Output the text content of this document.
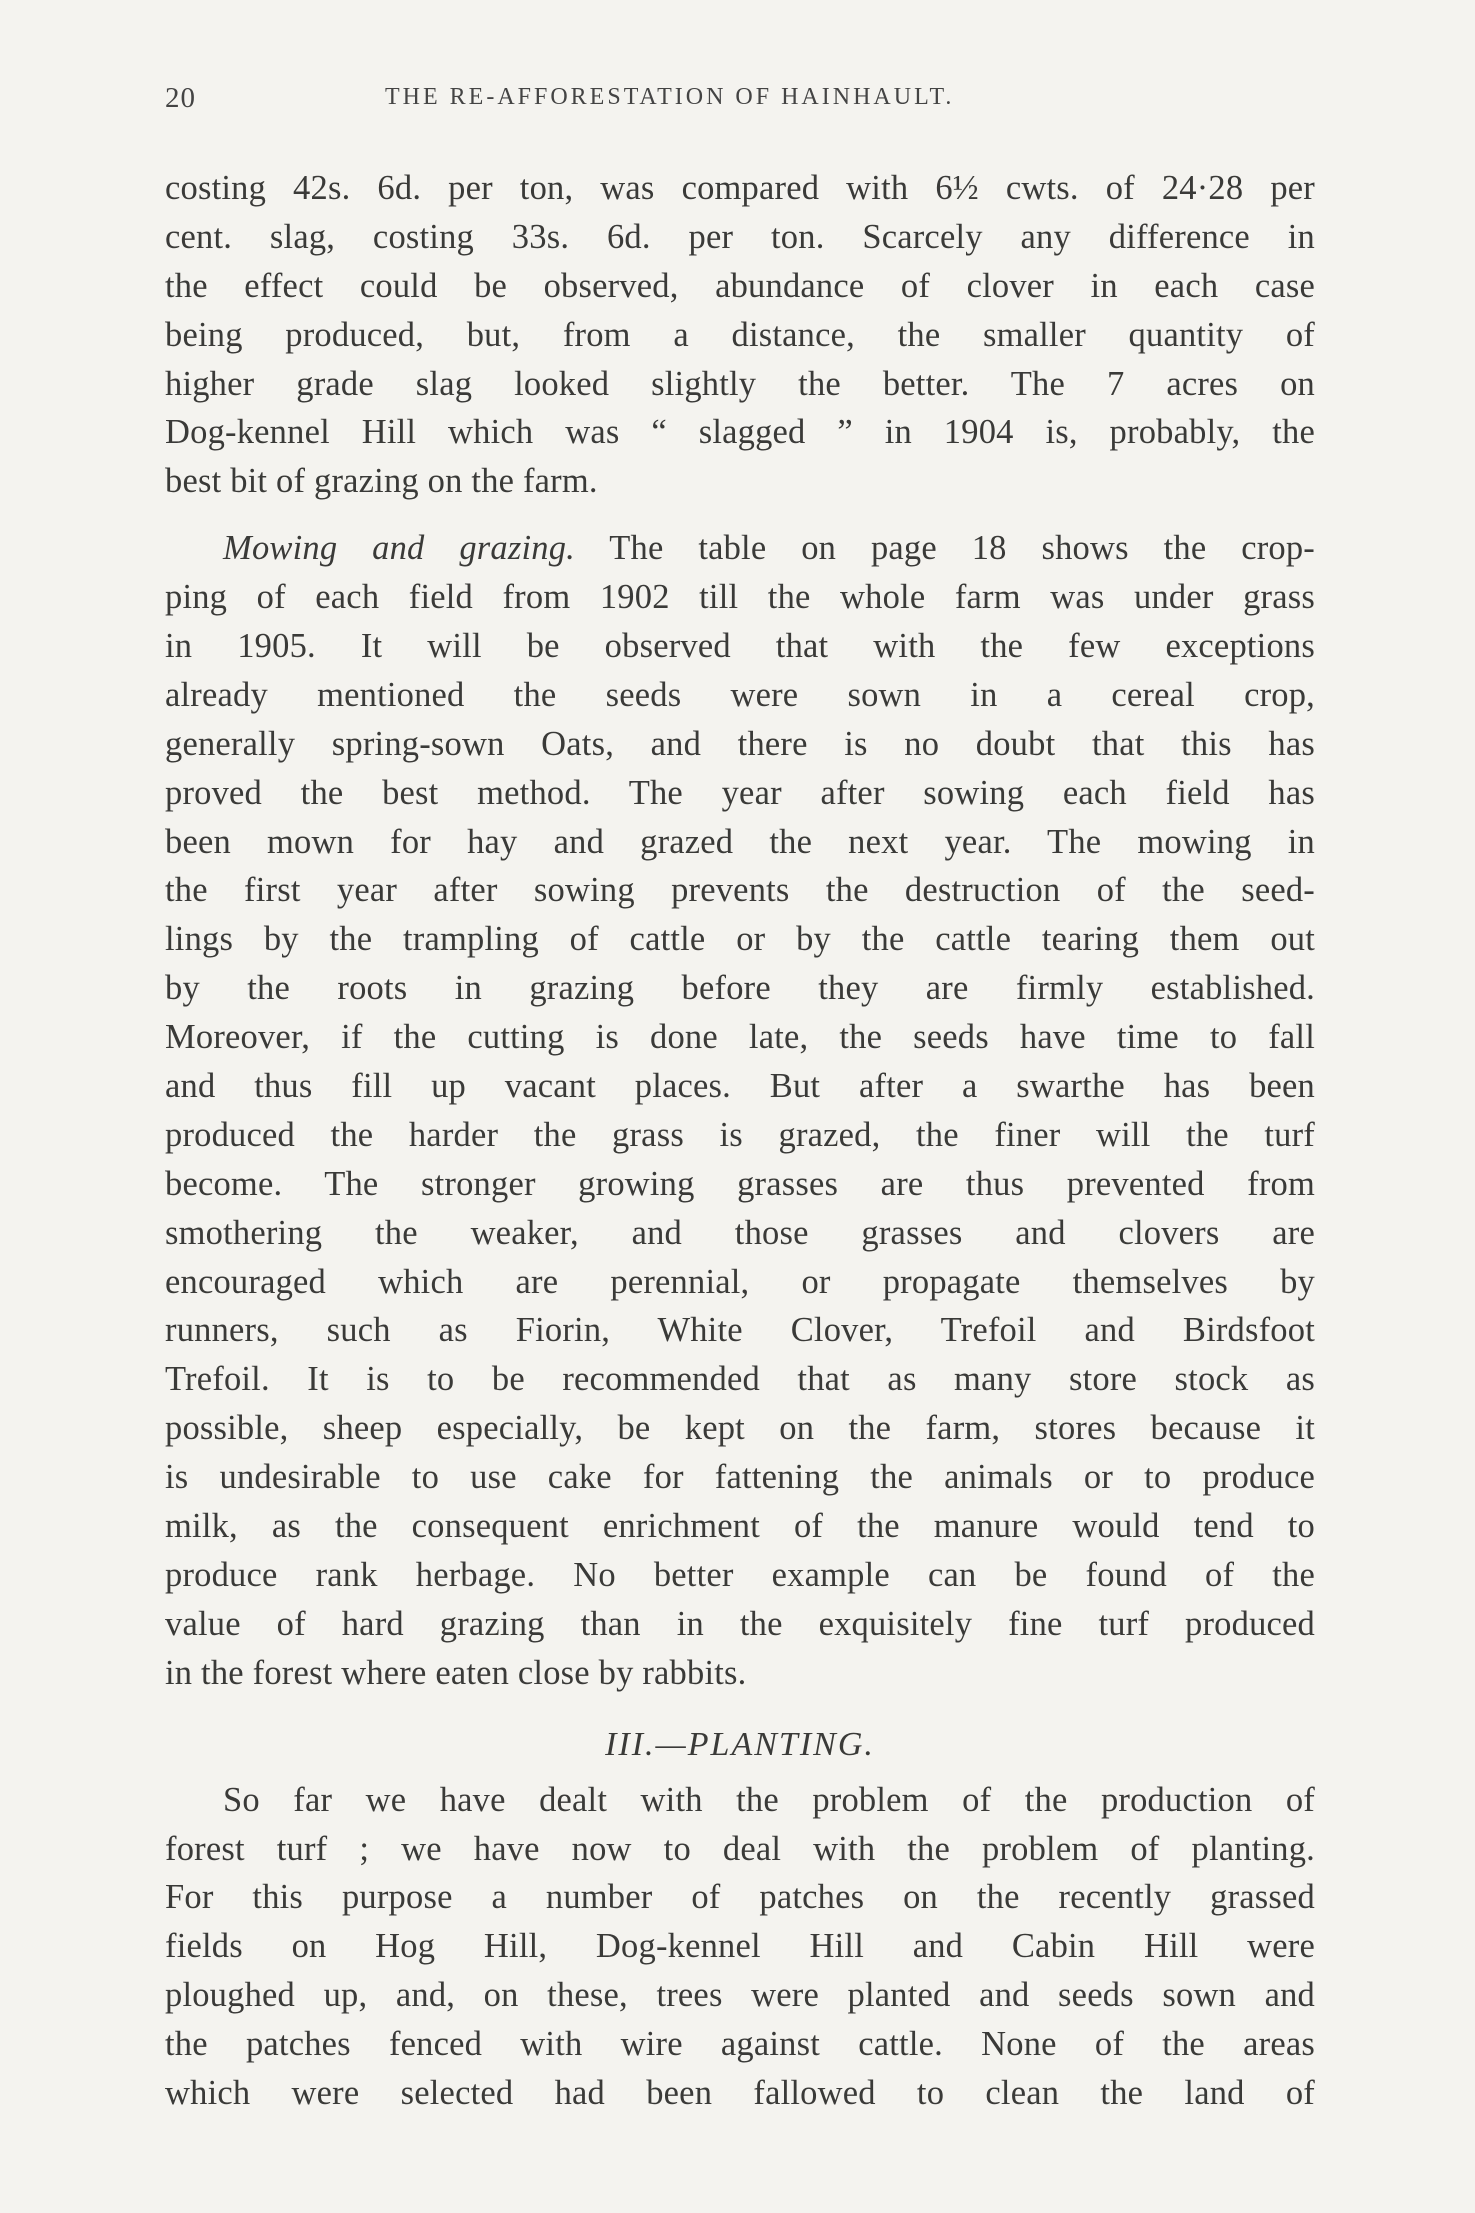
20	THE RE-AFFORESTATION OF HAINHAULT.
costing 42s. 6d. per ton, was compared with 6½ cwts. of 24·28 per
cent. slag, costing 33s. 6d. per ton. Scarcely any difference in
the effect could be observed, abundance of clover in each case
being produced, but, from a distance, the smaller quantity of
higher grade slag looked slightly the better. The 7 acres on
Dog-kennel Hill which was “ slagged ” in 1904 is, probably, the
best bit of grazing on the farm.
Mowing and grazing. The table on page 18 shows the crop-
ping of each field from 1902 till the whole farm was under grass
in 1905. It will be observed that with the few exceptions
already mentioned the seeds were sown in a cereal crop,
generally spring-sown Oats, and there is no doubt that this has
proved the best method. The year after sowing each field has
been mown for hay and grazed the next year. The mowing in
the first year after sowing prevents the destruction of the seed-
lings by the trampling of cattle or by the cattle tearing them out
by the roots in grazing before they are firmly established.
Moreover, if the cutting is done late, the seeds have time to fall
and thus fill up vacant places. But after a swarthe has been
produced the harder the grass is grazed, the finer will the turf
become. The stronger growing grasses are thus prevented from
smothering the weaker, and those grasses and clovers are
encouraged which are perennial, or propagate themselves by
runners, such as Fiorin, White Clover, Trefoil and Birdsfoot
Trefoil. It is to be recommended that as many store stock as
possible, sheep especially, be kept on the farm, stores because it
is undesirable to use cake for fattening the animals or to produce
milk, as the consequent enrichment of the manure would tend to
produce rank herbage. No better example can be found of the
value of hard grazing than in the exquisitely fine turf produced
in the forest where eaten close by rabbits.
III.—PLANTING.
So far we have dealt with the problem of the production of
forest turf ; we have now to deal with the problem of planting.
For this purpose a number of patches on the recently grassed
fields on Hog Hill, Dog-kennel Hill and Cabin Hill were
ploughed up, and, on these, trees were planted and seeds sown and
the patches fenced with wire against cattle. None of the areas
which were selected had been fallowed to clean the land of
